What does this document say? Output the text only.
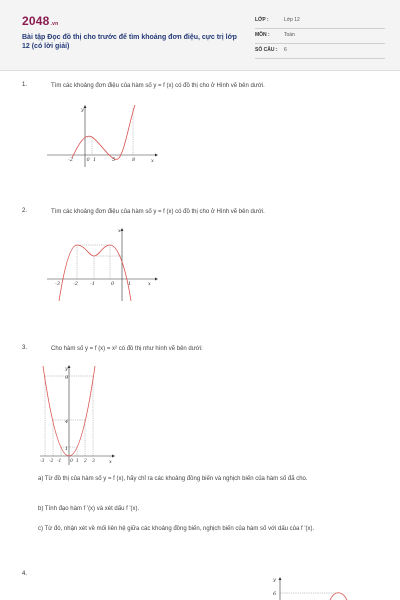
2048.vn
Bài tập Đọc đồ thị cho trước để tìm khoảng đơn điệu, cực trị lớp 12 (có lời giải)
LỚP :	Lớp 12
MÔN :	Toán
SỐ CÂU : 6
1.	Tìm các khoảng đơn điệu của hàm số y = f (x) có đồ thị cho ở Hình vẽ bên dưới.
y
x
-2	0 1	5	8
2.	Tìm các khoảng đơn điệu của hàm số y = f (x) có đồ thị cho ở Hình vẽ bên dưới.
x
-3	-2 -1	0	1	x
3.	Cho hàm số y = f (x) = x² có đồ thị như hình vẽ bên dưới:
y
x
9
4
1
-3 -2 -1 0 1 2 3
a) Từ đồ thị của hàm số y = f (x), hãy chỉ ra các khoảng đồng biến và nghịch biến của hàm số đã cho.
b) Tính đạo hàm f '(x) và xét dấu f '(x).
c) Từ đó, nhận xét về mối liên hệ giữa các khoảng đồng biến, nghịch biến của hàm số với dấu của f '(x).
4.
y
6
